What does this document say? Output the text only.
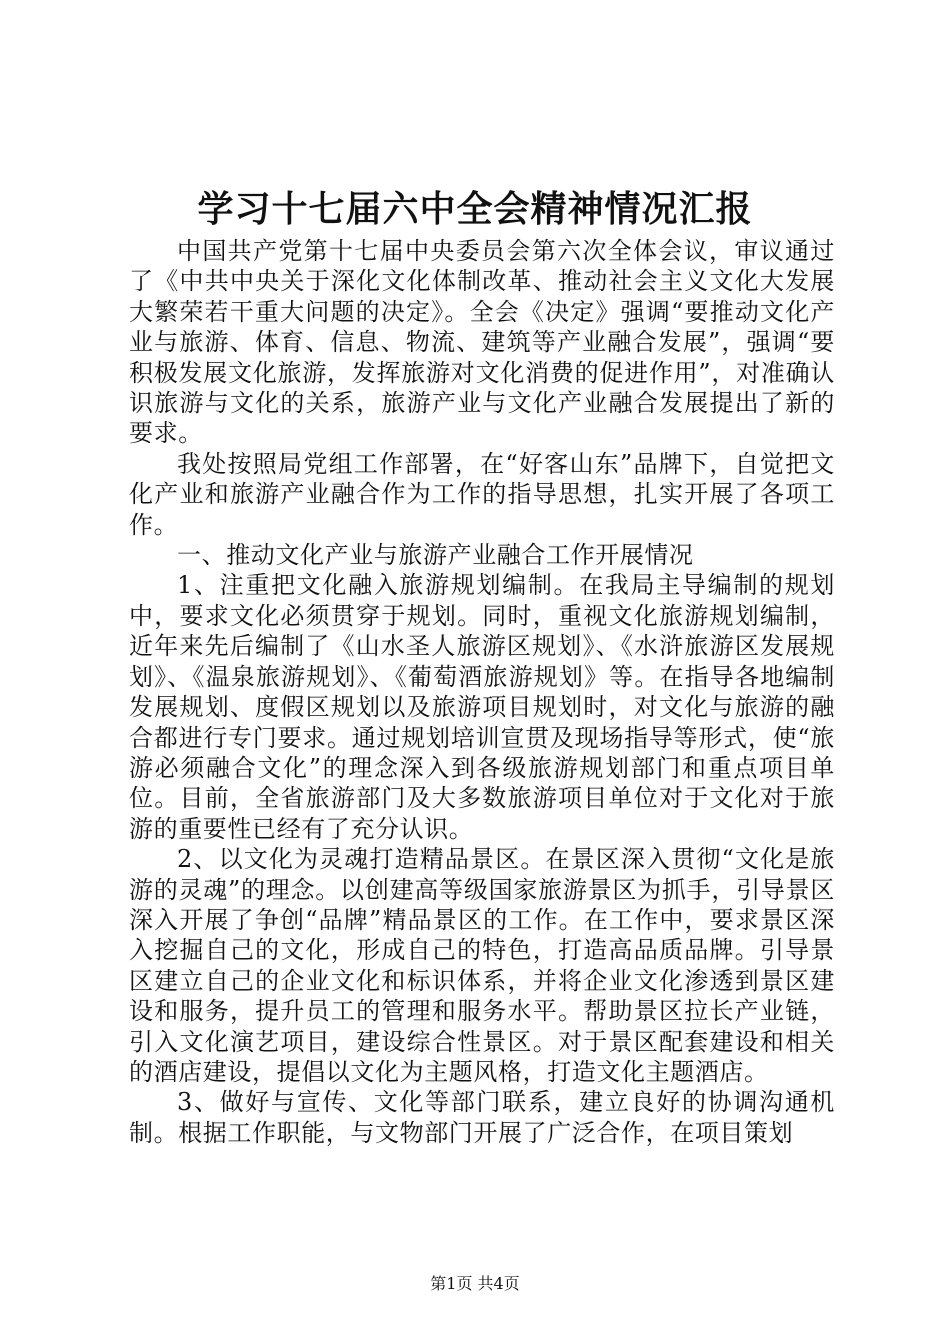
学习十七届六中全会精神情况汇报

中国共产党第十七届中央委员会第六次全体会议，审议通过了《中共中央关于深化文化体制改革、推动社会主义文化大发展大繁荣若干重大问题的决定》。全会《决定》强调“要推动文化产业与旅游、体育、信息、物流、建筑等产业融合发展”，强调“要积极发展文化旅游，发挥旅游对文化消费的促进作用”，对准确认识旅游与文化的关系，旅游产业与文化产业融合发展提出了新的要求。

我处按照局党组工作部署，在“好客山东”品牌下，自觉把文化产业和旅游产业融合作为工作的指导思想，扎实开展了各项工作。

一、推动文化产业与旅游产业融合工作开展情况

1、注重把文化融入旅游规划编制。在我局主导编制的规划中，要求文化必须贯穿于规划。同时，重视文化旅游规划编制，近年来先后编制了《山水圣人旅游区规划》、《水浒旅游区发展规划》、《温泉旅游规划》、《葡萄酒旅游规划》等。在指导各地编制发展规划、度假区规划以及旅游项目规划时，对文化与旅游的融合都进行专门要求。通过规划培训宣贯及现场指导等形式，使“旅游必须融合文化”的理念深入到各级旅游规划部门和重点项目单位。目前，全省旅游部门及大多数旅游项目单位对于文化对于旅游的重要性已经有了充分认识。

2、以文化为灵魂打造精品景区。在景区深入贯彻“文化是旅游的灵魂”的理念。以创建高等级国家旅游景区为抓手，引导景区深入开展了争创“品牌”精品景区的工作。在工作中，要求景区深入挖掘自己的文化，形成自己的特色，打造高品质品牌。引导景区建立自己的企业文化和标识体系，并将企业文化渗透到景区建设和服务，提升员工的管理和服务水平。帮助景区拉长产业链，引入文化演艺项目，建设综合性景区。对于景区配套建设和相关的酒店建设，提倡以文化为主题风格，打造文化主题酒店。

3、做好与宣传、文化等部门联系，建立良好的协调沟通机制。根据工作职能，与文物部门开展了广泛合作，在项目策划

第1页 共4页
